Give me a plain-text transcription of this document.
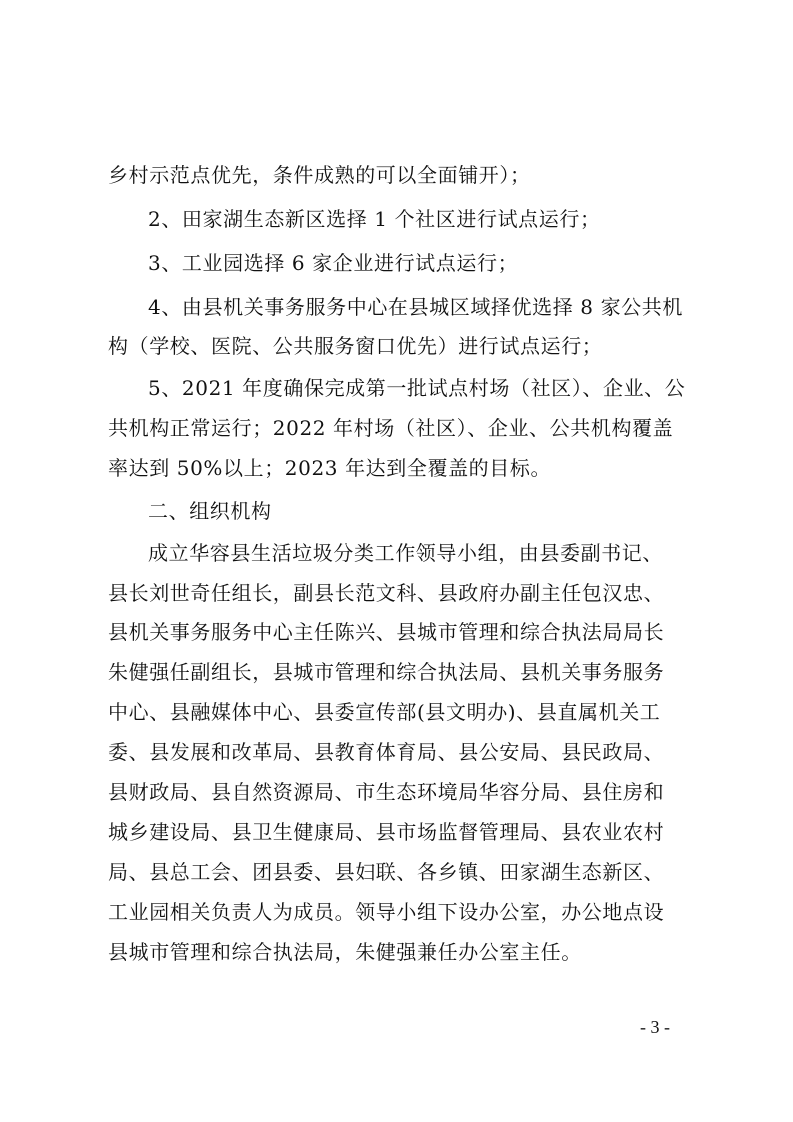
乡村示范点优先，条件成熟的可以全面铺开）；
2、田家湖生态新区选择 1 个社区进行试点运行；
3、工业园选择 6 家企业进行试点运行；
4、由县机关事务服务中心在县城区域择优选择 8 家公共机
构（学校、医院、公共服务窗口优先）进行试点运行；
5、2021 年度确保完成第一批试点村场（社区）、企业、公
共机构正常运行；2022 年村场（社区）、企业、公共机构覆盖
率达到 50%以上；2023 年达到全覆盖的目标。
二、组织机构
成立华容县生活垃圾分类工作领导小组，由县委副书记、
县长刘世奇任组长，副县长范文科、县政府办副主任包汉忠、
县机关事务服务中心主任陈兴、县城市管理和综合执法局局长
朱健强任副组长，县城市管理和综合执法局、县机关事务服务
中心、县融媒体中心、县委宣传部(县文明办)、县直属机关工
委、县发展和改革局、县教育体育局、县公安局、县民政局、
县财政局、县自然资源局、市生态环境局华容分局、县住房和
城乡建设局、县卫生健康局、县市场监督管理局、县农业农村
局、县总工会、团县委、县妇联、各乡镇、田家湖生态新区、
工业园相关负责人为成员。领导小组下设办公室，办公地点设
县城市管理和综合执法局，朱健强兼任办公室主任。
- 3 -
